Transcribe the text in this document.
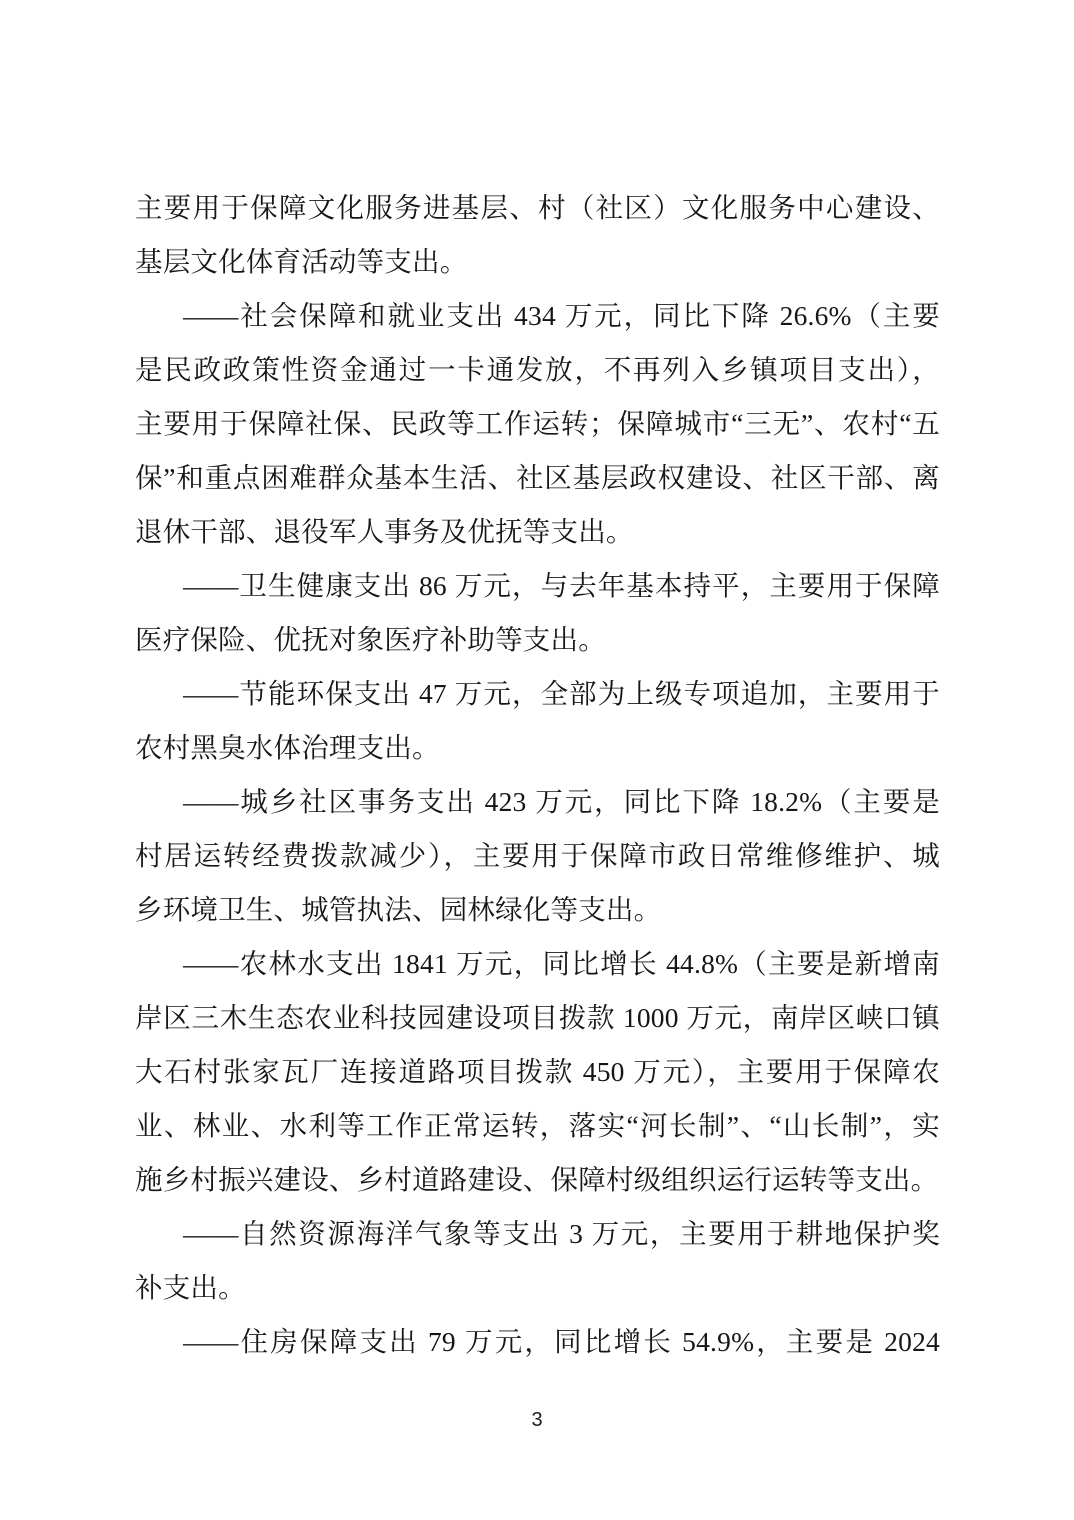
主要用于保障文化服务进基层、村（社区）文化服务中心建设、
基层文化体育活动等支出。
——社会保障和就业支出 434 万元，同比下降 26.6%（主要
是民政政策性资金通过一卡通发放，不再列入乡镇项目支出），
主要用于保障社保、民政等工作运转；保障城市“三无”、农村“五
保”和重点困难群众基本生活、社区基层政权建设、社区干部、离
退休干部、退役军人事务及优抚等支出。
——卫生健康支出 86 万元，与去年基本持平，主要用于保障
医疗保险、优抚对象医疗补助等支出。
——节能环保支出 47 万元，全部为上级专项追加，主要用于
农村黑臭水体治理支出。
——城乡社区事务支出 423 万元，同比下降 18.2%（主要是
村居运转经费拨款减少），主要用于保障市政日常维修维护、城
乡环境卫生、城管执法、园林绿化等支出。
——农林水支出 1841 万元，同比增长 44.8%（主要是新增南
岸区三木生态农业科技园建设项目拨款 1000 万元，南岸区峡口镇
大石村张家瓦厂连接道路项目拨款 450 万元），主要用于保障农
业、林业、水利等工作正常运转，落实“河长制”、“山长制”，实
施乡村振兴建设、乡村道路建设、保障村级组织运行运转等支出。
——自然资源海洋气象等支出 3 万元，主要用于耕地保护奖
补支出。
——住房保障支出 79 万元，同比增长 54.9%，主要是 2024
3
